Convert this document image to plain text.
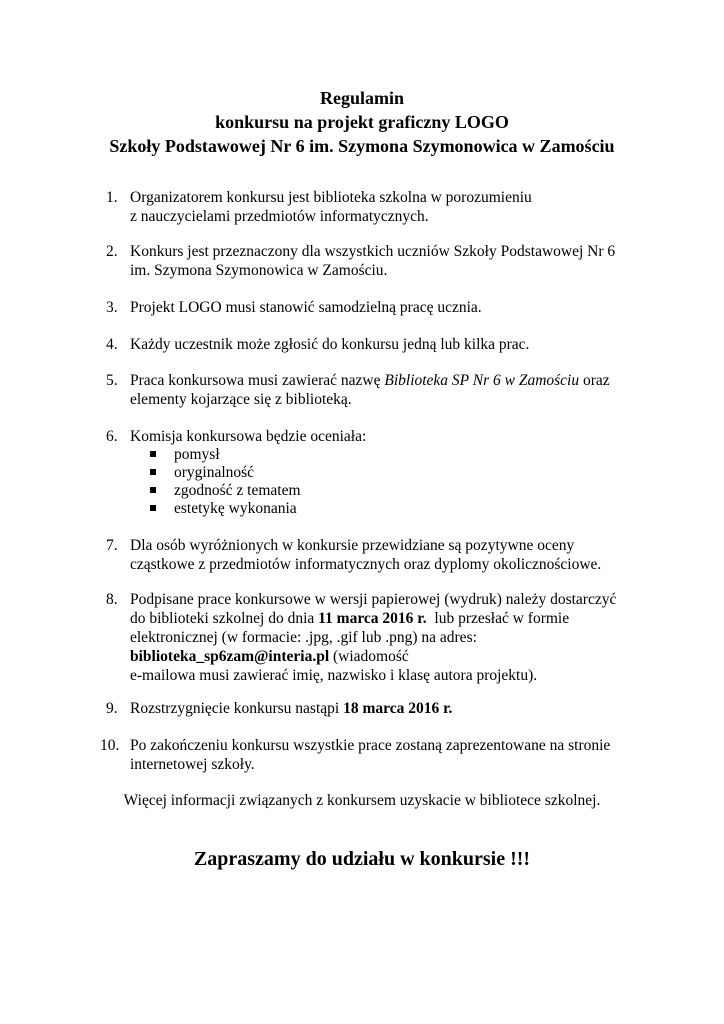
Regulamin
konkursu na projekt graficzny LOGO
Szkoły Podstawowej Nr 6 im. Szymona Szymonowica w Zamościu
1. Organizatorem konkursu jest biblioteka szkolna w porozumieniu
z nauczycielami przedmiotów informatycznych.
2. Konkurs jest przeznaczony dla wszystkich uczniów Szkoły Podstawowej Nr 6
im. Szymona Szymonowica w Zamościu.
3. Projekt LOGO musi stanowić samodzielną pracę ucznia.
4. Każdy uczestnik może zgłosić do konkursu jedną lub kilka prac.
5. Praca konkursowa musi zawierać nazwę Biblioteka SP Nr 6 w Zamościu oraz
elementy kojarzące się z biblioteką.
6. Komisja konkursowa będzie oceniała:
pomysł
oryginalność
zgodność z tematem
estetykę wykonania
7. Dla osób wyróżnionych w konkursie przewidziane są pozytywne oceny
cząstkowe z przedmiotów informatycznych oraz dyplomy okolicznościowe.
8. Podpisane prace konkursowe w wersji papierowej (wydruk) należy dostarczyć
do biblioteki szkolnej do dnia 11 marca 2016 r.  lub przesłać w formie
elektronicznej (w formacie: .jpg, .gif lub .png) na adres:
biblioteka_sp6zam@interia.pl (wiadomość
e-mailowa musi zawierać imię, nazwisko i klasę autora projektu).
9. Rozstrzygnięcie konkursu nastąpi 18 marca 2016 r.
10. Po zakończeniu konkursu wszystkie prace zostaną zaprezentowane na stronie
internetowej szkoły.
Więcej informacji związanych z konkursem uzyskacie w bibliotece szkolnej.
Zapraszamy do udziału w konkursie !!!
